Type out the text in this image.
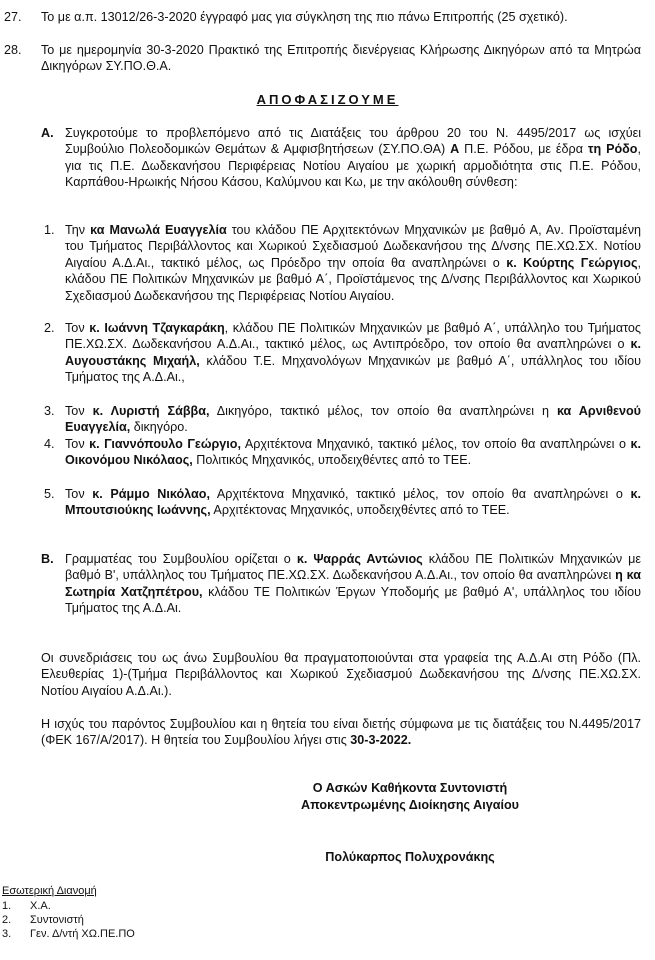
27. Το με α.π. 13012/26-3-2020 έγγραφό μας για σύγκληση της πιο πάνω Επιτροπής (25 σχετικό).
28. Το με ημερομηνία 30-3-2020 Πρακτικό της Επιτροπής διενέργειας Κλήρωσης Δικηγόρων από τα Μητρώα Δικηγόρων ΣΥ.ΠΟ.Θ.Α.
ΑΠΟΦΑΣΙΖΟΥΜΕ
Α. Συγκροτούμε το προβλεπόμενο από τις Διατάξεις του άρθρου 20 του Ν. 4495/2017 ως ισχύει Συμβούλιο Πολεοδομικών Θεμάτων & Αμφισβητήσεων (ΣΥ.ΠΟ.ΘΑ) Α Π.Ε. Ρόδου, με έδρα τη Ρόδο, για τις Π.Ε. Δωδεκανήσου Περιφέρειας Νοτίου Αιγαίου με χωρική αρμοδιότητα στις Π.Ε. Ρόδου, Καρπάθου-Ηρωικής Νήσου Κάσου, Καλύμνου και Κω, με την ακόλουθη σύνθεση:
1. Την κα Μανωλά Ευαγγελία του κλάδου ΠΕ Αρχιτεκτόνων Μηχανικών με βαθμό Α, Αν. Προϊσταμένη του Τμήματος Περιβάλλοντος και Χωρικού Σχεδιασμού Δωδεκανήσου της Δ/νσης ΠΕ.ΧΩ.ΣΧ. Νοτίου Αιγαίου Α.Δ.Αι., τακτικό μέλος, ως Πρόεδρο την οποία θα αναπληρώνει ο κ. Κούρτης Γεώργιος, κλάδου ΠΕ Πολιτικών Μηχανικών με βαθμό Α΄, Προϊστάμενος της Δ/νσης Περιβάλλοντος και Χωρικού Σχεδιασμού Δωδεκανήσου της Περιφέρειας Νοτίου Αιγαίου.
2. Τον κ. Ιωάννη Τζαγκαράκη, κλάδου ΠΕ Πολιτικών Μηχανικών με βαθμό Α΄, υπάλληλο του Τμήματος ΠΕ.ΧΩ.ΣΧ. Δωδεκανήσου Α.Δ.Αι., τακτικό μέλος, ως Αντιπρόεδρο, τον οποίο θα αναπληρώνει ο κ. Αυγουστάκης Μιχαήλ, κλάδου Τ.Ε. Μηχανολόγων Μηχανικών με βαθμό Α΄, υπάλληλος του ιδίου Τμήματος της Α.Δ.Αι.,
3. Τον κ. Λυριστή Σάββα, Δικηγόρο, τακτικό μέλος, τον οποίο θα αναπληρώνει η κα Αρνιθενού Ευαγγελία, δικηγόρο.
4. Τον κ. Γιαννόπουλο Γεώργιο, Αρχιτέκτονα Μηχανικό, τακτικό μέλος, τον οποίο θα αναπληρώνει ο κ. Οικονόμου Νικόλαος, Πολιτικός Μηχανικός, υποδειχθέντες από το ΤΕΕ.
5. Τον κ. Ράμμο Νικόλαο, Αρχιτέκτονα Μηχανικό, τακτικό μέλος, τον οποίο θα αναπληρώνει ο κ. Μπουτσιούκης Ιωάννης, Αρχιτέκτονας Μηχανικός, υποδειχθέντες από το ΤΕΕ.
Β. Γραμματέας του Συμβουλίου ορίζεται ο κ. Ψαρράς Αντώνιος κλάδου ΠΕ Πολιτικών Μηχανικών με βαθμό Β', υπάλληλος του Τμήματος ΠΕ.ΧΩ.ΣΧ. Δωδεκανήσου Α.Δ.Αι., τον οποίο θα αναπληρώνει η κα Σωτηρία Χατζηπέτρου, κλάδου ΤΕ Πολιτικών Έργων Υποδομής με βαθμό Α', υπάλληλος του ιδίου Τμήματος της Α.Δ.Αι.
Οι συνεδριάσεις του ως άνω Συμβουλίου θα πραγματοποιούνται στα γραφεία της Α.Δ.Αι στη Ρόδο (Πλ. Ελευθερίας 1)-(Τμήμα Περιβάλλοντος και Χωρικού Σχεδιασμού Δωδεκανήσου της Δ/νσης ΠΕ.ΧΩ.ΣΧ. Νοτίου Αιγαίου Α.Δ.Αι.).
Η ισχύς του παρόντος Συμβουλίου και η θητεία του είναι διετής σύμφωνα με τις διατάξεις του Ν.4495/2017 (ΦΕΚ 167/Α/2017). Η θητεία του Συμβουλίου λήγει στις 30-3-2022.
Ο Ασκών Καθήκοντα Συντονιστή
Αποκεντρωμένης Διοίκησης Αιγαίου
Πολύκαρπος Πολυχρονάκης
Εσωτερική Διανομή
1. Χ.Α.
2. Συντονιστή
3. Γεν. Δ/ντή ΧΩ.ΠΕ.ΠΟ
